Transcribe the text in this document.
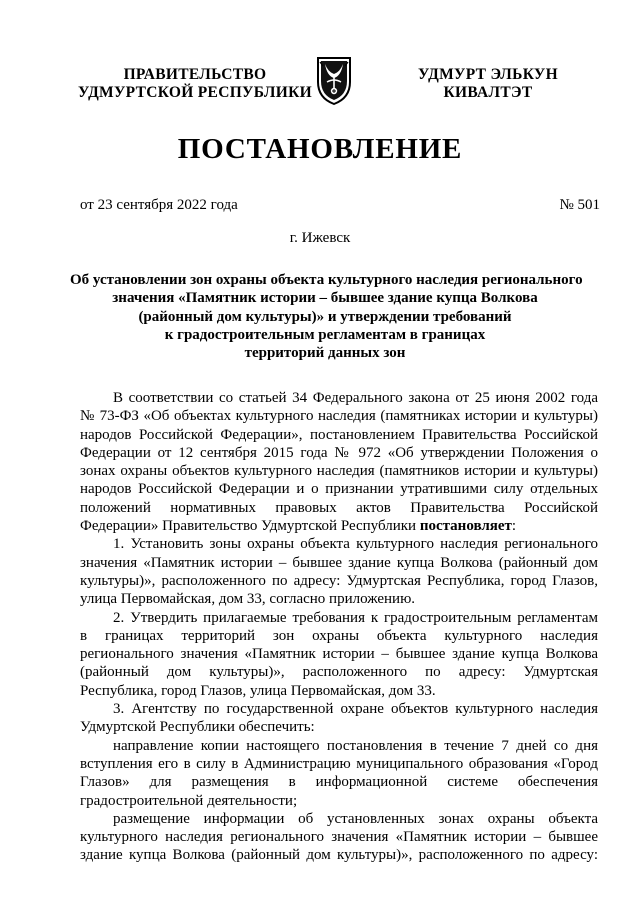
ПРАВИТЕЛЬСТВО
УДМУРТСКОЙ РЕСПУБЛИКИ
УДМУРТ ЭЛЬКУН
КИВАЛТЭТ
ПОСТАНОВЛЕНИЕ
от 23 сентября 2022 года	№ 501
г. Ижевск
Об установлении зон охраны объекта культурного наследия регионального
значения «Памятник истории – бывшее здание купца Волкова
(районный дом культуры)» и утверждении требований
к градостроительным регламентам в границах
территорий данных зон
В соответствии со статьей 34 Федерального закона от 25 июня 2002 года
№ 73-ФЗ «Об объектах культурного наследия (памятниках истории и культуры)
народов Российской Федерации», постановлением Правительства Российской
Федерации от 12 сентября 2015 года № 972 «Об утверждении Положения о
зонах охраны объектов культурного наследия (памятников истории и культуры)
народов Российской Федерации и о признании утратившими силу отдельных
положений нормативных правовых актов Правительства Российской
Федерации» Правительство Удмуртской Республики постановляет:
1. Установить зоны охраны объекта культурного наследия регионального
значения «Памятник истории – бывшее здание купца Волкова (районный дом
культуры)», расположенного по адресу: Удмуртская Республика, город Глазов,
улица Первомайская, дом 33, согласно приложению.
2. Утвердить прилагаемые требования к градостроительным регламентам
в границах территорий зон охраны объекта культурного наследия
регионального значения «Памятник истории – бывшее здание купца Волкова
(районный дом культуры)», расположенного по адресу: Удмуртская
Республика, город Глазов, улица Первомайская, дом 33.
3. Агентству по государственной охране объектов культурного наследия
Удмуртской Республики обеспечить:
направление копии настоящего постановления в течение 7 дней со дня
вступления его в силу в Администрацию муниципального образования «Город
Глазов» для размещения в информационной системе обеспечения
градостроительной деятельности;
размещение информации об установленных зонах охраны объекта
культурного наследия регионального значения «Памятник истории – бывшее
здание купца Волкова (районный дом культуры)», расположенного по адресу:
